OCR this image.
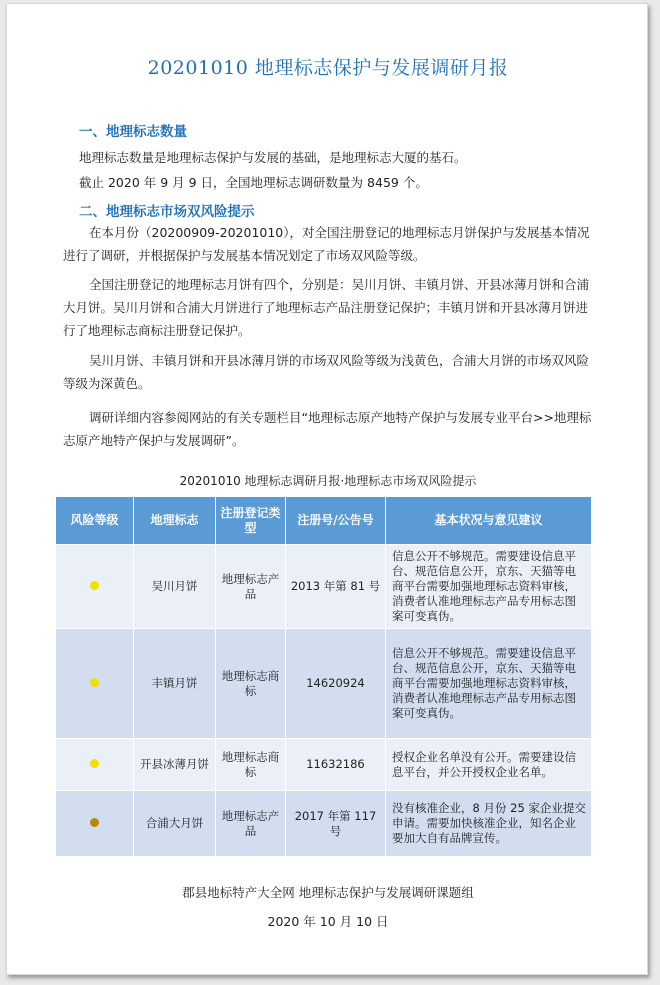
20201010 地理标志保护与发展调研月报
一、地理标志数量
地理标志数量是地理标志保护与发展的基础，是地理标志大厦的基石。
截止 2020 年 9 月 9 日，全国地理标志调研数量为 8459 个。
二、地理标志市场双风险提示
在本月份（20200909-20201010），对全国注册登记的地理标志月饼保护与发展基本情况进行了调研，并根据保护与发展基本情况划定了市场双风险等级。
全国注册登记的地理标志月饼有四个，分别是：吴川月饼、丰镇月饼、开县冰薄月饼和合浦大月饼。吴川月饼和合浦大月饼进行了地理标志产品注册登记保护；丰镇月饼和开县冰薄月饼进行了地理标志商标注册登记保护。
吴川月饼、丰镇月饼和开县冰薄月饼的市场双风险等级为浅黄色，合浦大月饼的市场双风险等级为深黄色。
调研详细内容参阅网站的有关专题栏目“地理标志原产地特产保护与发展专业平台>>地理标志原产地特产保护与发展调研”。
20201010 地理标志调研月报·地理标志市场双风险提示
风险等级	地理标志	注册登记类型	注册号/公告号	基本状况与意见建议
	吴川月饼	地理标志产品	2013 年第 81 号	信息公开不够规范。需要建设信息平台、规范信息公开，京东、天猫等电商平台需要加强地理标志资料审核，消费者认准地理标志产品专用标志图案可变真伪。
	丰镇月饼	地理标志商标	14620924	信息公开不够规范。需要建设信息平台、规范信息公开，京东、天猫等电商平台需要加强地理标志资料审核，消费者认准地理标志产品专用标志图案可变真伪。
	开县冰薄月饼	地理标志商标	11632186	授权企业名单没有公开。需要建设信息平台，并公开授权企业名单。
	合浦大月饼	地理标志产品	2017 年第 117 号	没有核准企业，8 月份 25 家企业提交申请。需要加快核准企业，知名企业要加大自有品牌宣传。
郡县地标特产大全网 地理标志保护与发展调研课题组
2020 年 10 月 10 日
